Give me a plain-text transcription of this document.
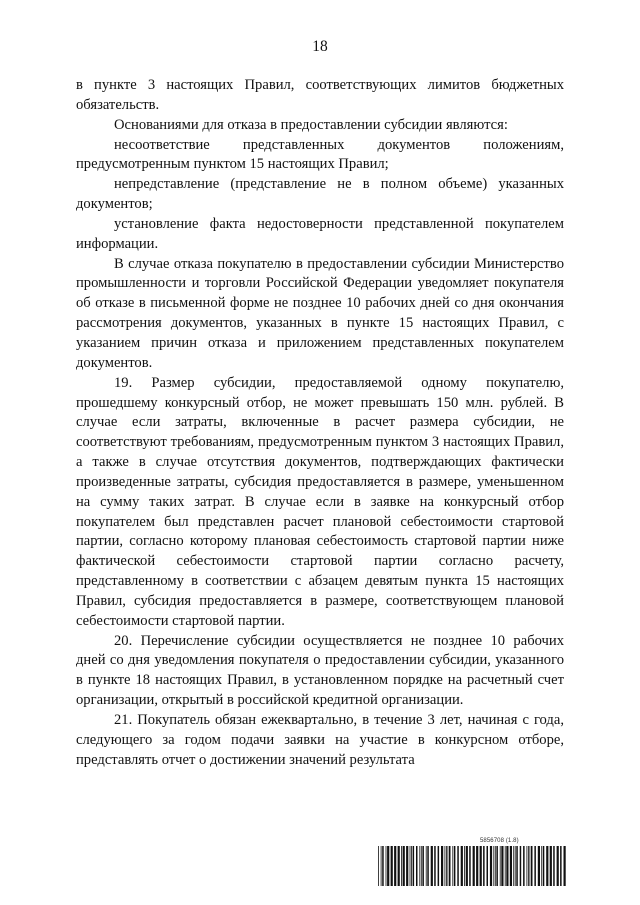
18

в пункте 3 настоящих Правил, соответствующих лимитов бюджетных обязательств.

Основаниями для отказа в предоставлении субсидии являются:

несоответствие представленных документов положениям, предусмотренным пунктом 15 настоящих Правил;

непредставление (представление не в полном объеме) указанных документов;

установление факта недостоверности представленной покупателем информации.

В случае отказа покупателю в предоставлении субсидии Министерство промышленности и торговли Российской Федерации уведомляет покупателя об отказе в письменной форме не позднее 10 рабочих дней со дня окончания рассмотрения документов, указанных в пункте 15 настоящих Правил, с указанием причин отказа и приложением представленных покупателем документов.

19. Размер субсидии, предоставляемой одному покупателю, прошедшему конкурсный отбор, не может превышать 150 млн. рублей. В случае если затраты, включенные в расчет размера субсидии, не соответствуют требованиям, предусмотренным пунктом 3 настоящих Правил, а также в случае отсутствия документов, подтверждающих фактически произведенные затраты, субсидия предоставляется в размере, уменьшенном на сумму таких затрат. В случае если в заявке на конкурсный отбор покупателем был представлен расчет плановой себестоимости стартовой партии, согласно которому плановая себестоимость стартовой партии ниже фактической себестоимости стартовой партии согласно расчету, представленному в соответствии с абзацем девятым пункта 15 настоящих Правил, субсидия предоставляется в размере, соответствующем плановой себестоимости стартовой партии.

20. Перечисление субсидии осуществляется не позднее 10 рабочих дней со дня уведомления покупателя о предоставлении субсидии, указанного в пункте 18 настоящих Правил, в установленном порядке на расчетный счет организации, открытый в российской кредитной организации.

21. Покупатель обязан ежеквартально, в течение 3 лет, начиная с года, следующего за годом подачи заявки на участие в конкурсном отборе, представлять отчет о достижении значений результата

5856708 (1.8)
